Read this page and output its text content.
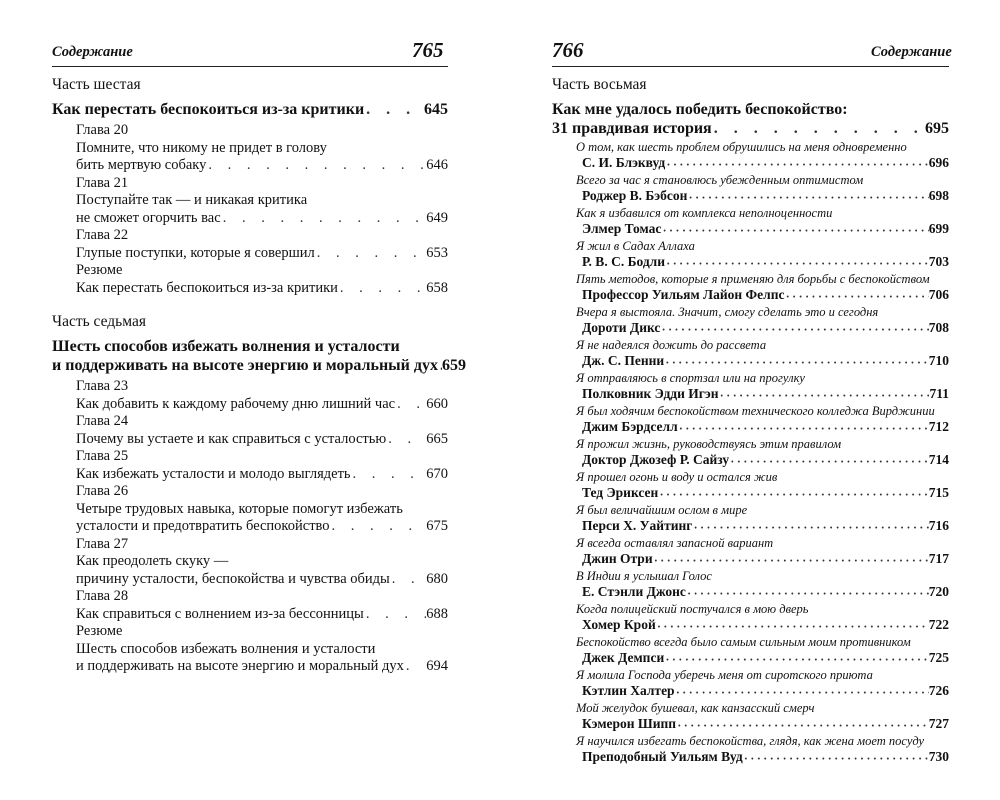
Содержание	765
Часть шестая
Как перестать беспокоиться из-за критики . . .	645
Глава 20
Помните, что никому не придет в голову
бить мертвую собаку . . .	646
Глава 21
Поступайте так — и никакая критика
не сможет огорчить вас . . .	649
Глава 22
Глупые поступки, которые я совершил . . .	653
Резюме
Как перестать беспокоиться из-за критики . . .	658
Часть седьмая
Шесть способов избежать волнения и усталости
и поддерживать на высоте энергию и моральный дух . . . 659
Глава 23
Как добавить к каждому рабочему дню лишний час . . . 660
Глава 24
Почему вы устаете и как справиться с усталостью . . .	665
Глава 25
Как избежать усталости и молодо выглядеть . . .	670
Глава 26
Четыре трудовых навыка, которые помогут избежать
усталости и предотвратить беспокойство . . .	675
Глава 27
Как преодолеть скуку —
причину усталости, беспокойства и чувства обиды . . .	680
Глава 28
Как справиться с волнением из-за бессонницы . . .	688
Резюме
Шесть способов избежать волнения и усталости
и поддерживать на высоте энергию и моральный дух . . . 694
766	Содержание
Часть восьмая
Как мне удалось победить беспокойство:
31 правдивая история . . .	695
О том, как шесть проблем обрушились на меня одновременно
С. И. Блэквуд •••••	696
Всего за час я становлюсь убежденным оптимистом
Роджер В. Бэбсон •••••	698
Как я избавился от комплекса неполноценности
Элмер Томас •••••	699
Я жил в Садах Аллаха
Р. В. С. Бодли •••••	703
Пять методов, которые я применяю для борьбы с беспокойством
Профессор Уильям Лайон Фелпс •••••	706
Вчера я выстояла. Значит, смогу сделать это и сегодня
Дороти Дикс •••••	708
Я не надеялся дожить до рассвета
Дж. С. Пенни •••••	710
Я отправляюсь в спортзал или на прогулку
Полковник Эдди Игэн •••••	711
Я был ходячим беспокойством технического колледжа Вирджинии
Джим Бэрдселл •••••	712
Я прожил жизнь, руководствуясь этим правилом
Доктор Джозеф Р. Сайзу •••••	714
Я прошел огонь и воду и остался жив
Тед Эриксен •••••	715
Я был величайшим ослом в мире
Перси Х. Уайтинг •••••	716
Я всегда оставлял запасной вариант
Джин Отри •••••	717
В Индии я услышал Голос
Е. Стэнли Джонс •••••	720
Когда полицейский постучался в мою дверь
Хомер Крой •••••	722
Беспокойство всегда было самым сильным моим противником
Джек Демпси •••••	725
Я молила Господа уберечь меня от сиротского приюта
Кэтлин Халтер •••••	726
Мой желудок бушевал, как канзасский смерч
Кэмерон Шипп •••••	727
Я научился избегать беспокойства, глядя, как жена моет посуду
Преподобный Уильям Вуд •••••	730
